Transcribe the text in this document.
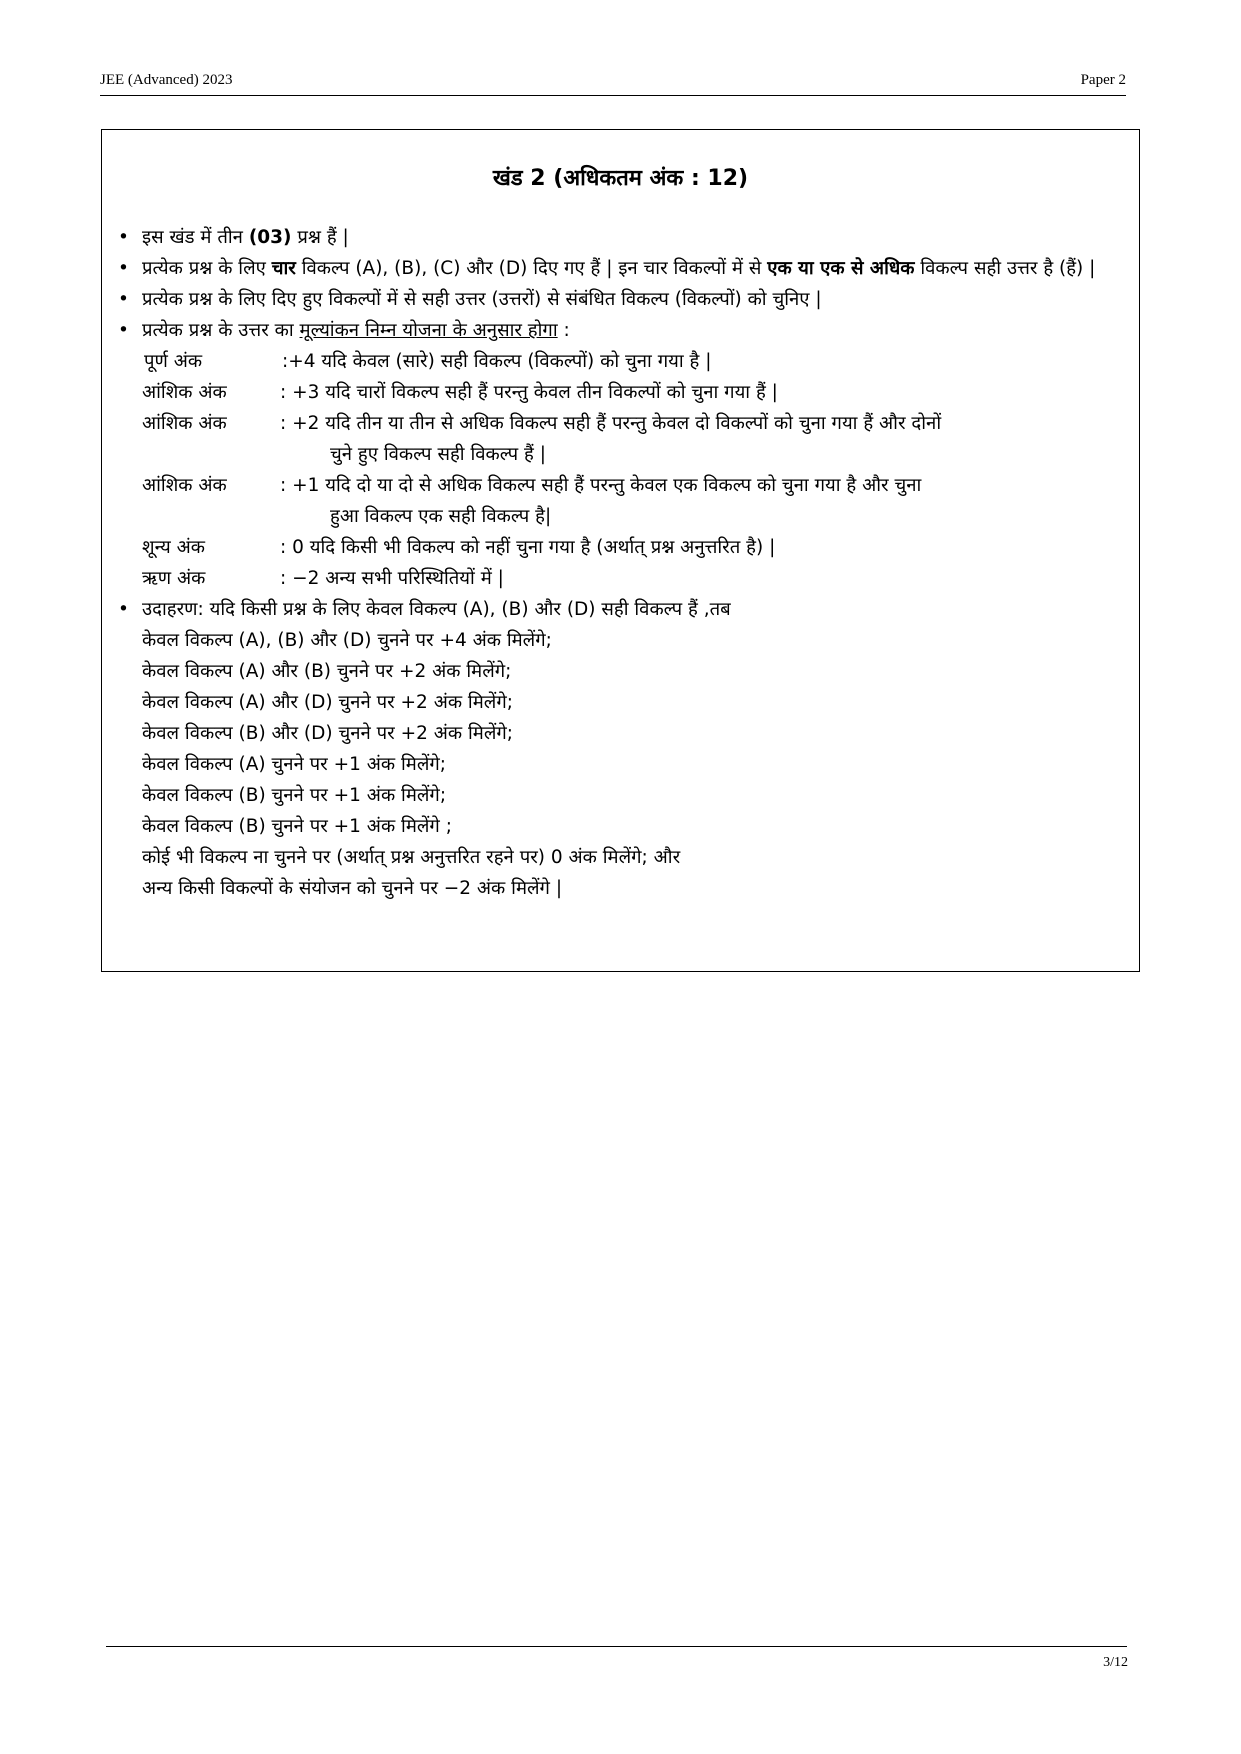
JEE (Advanced) 2023	Paper 2
खंड 2 (अधिकतम अंक : 12)
• इस खंड में तीन (03) प्रश्न हैं |
• प्रत्येक प्रश्न के लिए चार विकल्प (A), (B), (C) और (D) दिए गए हैं | इन चार विकल्पों में से एक या एक से अधिक विकल्प सही उत्तर है (हैं) |
• प्रत्येक प्रश्न के लिए दिए हुए विकल्पों में से सही उत्तर (उत्तरों) से संबंधित विकल्प (विकल्पों) को चुनिए |
• प्रत्येक प्रश्न के उत्तर का मूल्यांकन निम्न योजना के अनुसार होगा :
पूर्ण अंक	:+4 यदि केवल (सारे) सही विकल्प (विकल्पों) को चुना गया है |
आंशिक अंक	: +3 यदि चारों विकल्प सही हैं परन्तु केवल तीन विकल्पों को चुना गया हैं |
आंशिक अंक	: +2 यदि तीन या तीन से अधिक विकल्प सही हैं परन्तु केवल दो विकल्पों को चुना गया हैं और दोनों
चुने हुए विकल्प सही विकल्प हैं |
आंशिक अंक	: +1 यदि दो या दो से अधिक विकल्प सही हैं परन्तु केवल एक विकल्प को चुना गया है और चुना
हुआ विकल्प एक सही विकल्प है|
शून्य अंक	: 0 यदि किसी भी विकल्प को नहीं चुना गया है (अर्थात् प्रश्न अनुत्तरित है) |
ऋण अंक	: −2 अन्य सभी परिस्थितियों में |
• उदाहरण: यदि किसी प्रश्न के लिए केवल विकल्प (A), (B) और (D) सही विकल्प हैं ,तब
केवल विकल्प (A), (B) और (D) चुनने पर +4 अंक मिलेंगे;
केवल विकल्प (A) और (B) चुनने पर +2 अंक मिलेंगे;
केवल विकल्प (A) और (D) चुनने पर +2 अंक मिलेंगे;
केवल विकल्प (B) और (D) चुनने पर +2 अंक मिलेंगे;
केवल विकल्प (A) चुनने पर +1 अंक मिलेंगे;
केवल विकल्प (B) चुनने पर +1 अंक मिलेंगे;
केवल विकल्प (B) चुनने पर +1 अंक मिलेंगे ;
कोई भी विकल्प ना चुनने पर (अर्थात् प्रश्न अनुत्तरित रहने पर) 0 अंक मिलेंगे; और
अन्य किसी विकल्पों के संयोजन को चुनने पर −2 अंक मिलेंगे |
3/12
